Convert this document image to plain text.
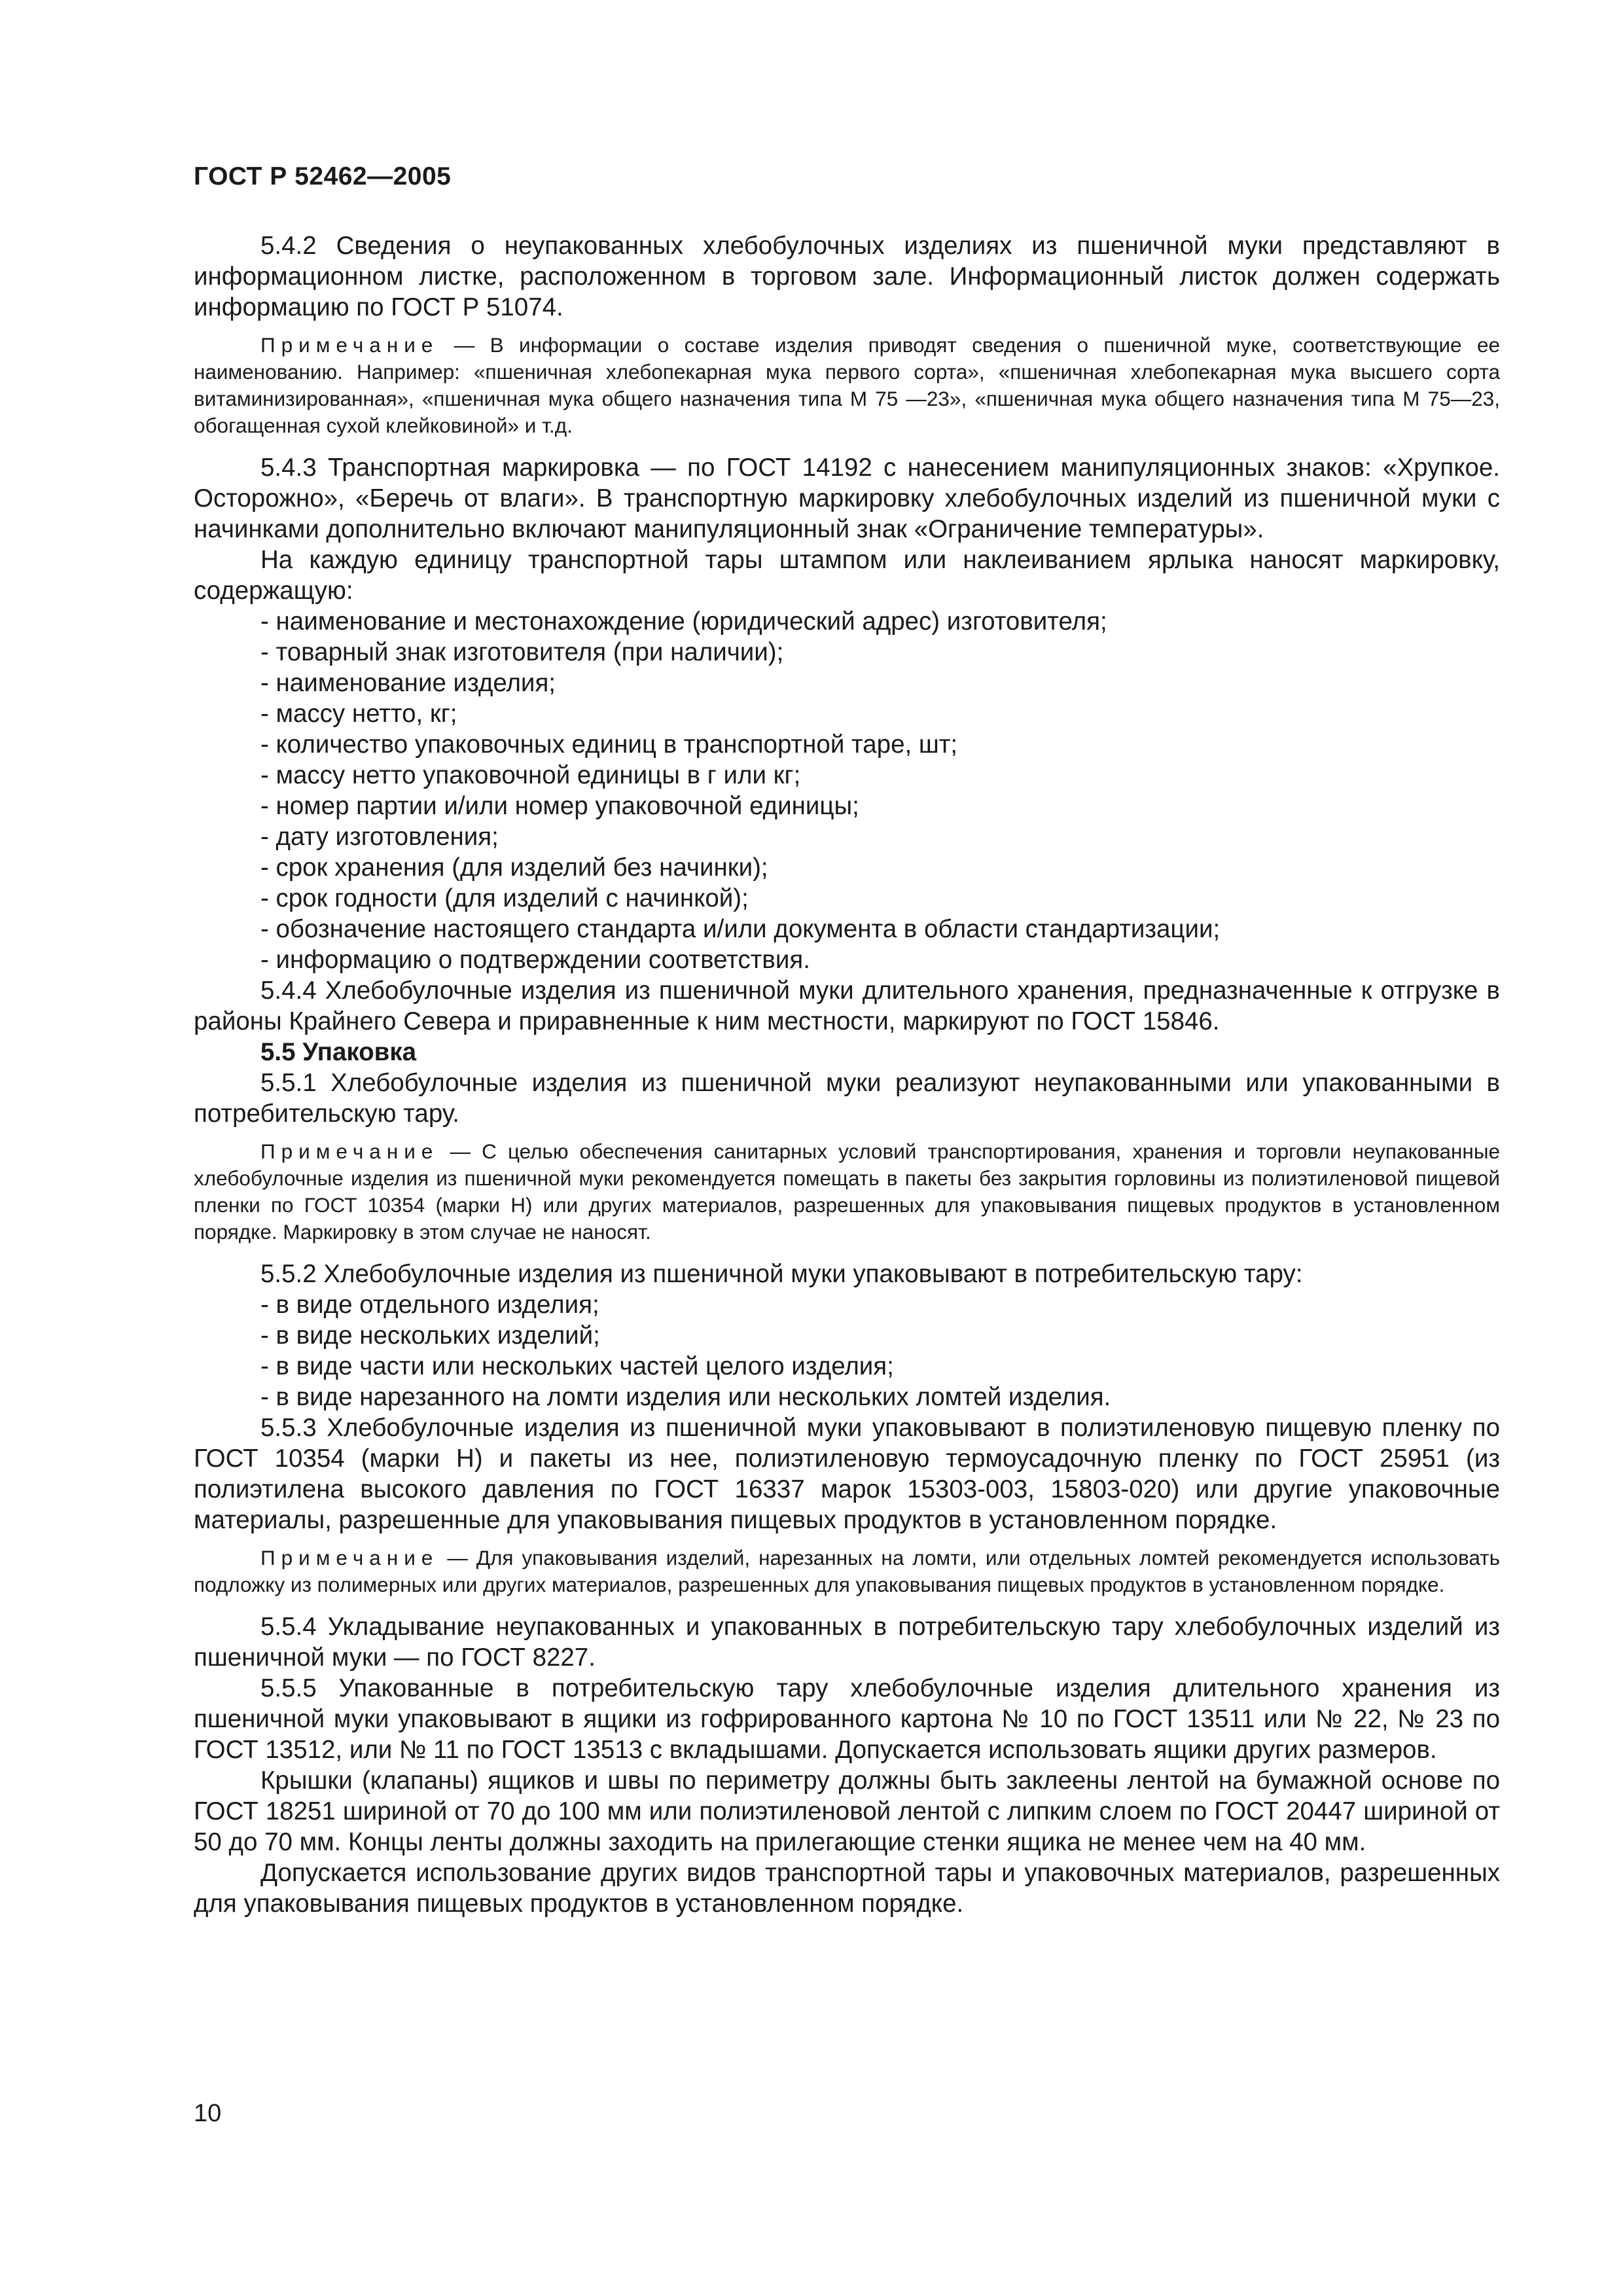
ГОСТ Р 52462—2005

5.4.2 Сведения о неупакованных хлебобулочных изделиях из пшеничной муки представляют в информационном листке, расположенном в торговом зале. Информационный листок должен содержать информацию по ГОСТ Р 51074.

Примечание — В информации о составе изделия приводят сведения о пшеничной муке, соответствующие ее наименованию. Например: «пшеничная хлебопекарная мука первого сорта», «пшеничная хлебопекарная мука высшего сорта витаминизированная», «пшеничная мука общего назначения типа М 75 —23», «пшеничная мука общего назначения типа М 75—23, обогащенная сухой клейковиной» и т.д.

5.4.3 Транспортная маркировка — по ГОСТ 14192 с нанесением манипуляционных знаков: «Хрупкое. Осторожно», «Беречь от влаги». В транспортную маркировку хлебобулочных изделий из пшеничной муки с начинками дополнительно включают манипуляционный знак «Ограничение температуры».

На каждую единицу транспортной тары штампом или наклеиванием ярлыка наносят маркировку, содержащую:

- наименование и местонахождение (юридический адрес) изготовителя;

- товарный знак изготовителя (при наличии);

- наименование изделия;

- массу нетто, кг;

- количество упаковочных единиц в транспортной таре, шт;

- массу нетто упаковочной единицы в г или кг;

- номер партии и/или номер упаковочной единицы;

- дату изготовления;

- срок хранения (для изделий без начинки);

- срок годности (для изделий с начинкой);

- обозначение настоящего стандарта и/или документа в области стандартизации;

- информацию о подтверждении соответствия.

5.4.4 Хлебобулочные изделия из пшеничной муки длительного хранения, предназначенные к отгрузке в районы Крайнего Севера и приравненные к ним местности, маркируют по ГОСТ 15846.

5.5 Упаковка

5.5.1 Хлебобулочные изделия из пшеничной муки реализуют неупакованными или упакованными в потребительскую тару.

Примечание — С целью обеспечения санитарных условий транспортирования, хранения и торговли неупакованные хлебобулочные изделия из пшеничной муки рекомендуется помещать в пакеты без закрытия горловины из полиэтиленовой пищевой пленки по ГОСТ 10354 (марки Н) или других материалов, разрешенных для упаковывания пищевых продуктов в установленном порядке. Маркировку в этом случае не наносят.

5.5.2 Хлебобулочные изделия из пшеничной муки упаковывают в потребительскую тару:

- в виде отдельного изделия;

- в виде нескольких изделий;

- в виде части или нескольких частей целого изделия;

- в виде нарезанного на ломти изделия или нескольких ломтей изделия.

5.5.3 Хлебобулочные изделия из пшеничной муки упаковывают в полиэтиленовую пищевую пленку по ГОСТ 10354 (марки Н) и пакеты из нее, полиэтиленовую термоусадочную пленку по ГОСТ 25951 (из полиэтилена высокого давления по ГОСТ 16337 марок 15303-003, 15803-020) или другие упаковочные материалы, разрешенные для упаковывания пищевых продуктов в установленном порядке.

Примечание — Для упаковывания изделий, нарезанных на ломти, или отдельных ломтей рекомендуется использовать подложку из полимерных или других материалов, разрешенных для упаковывания пищевых продуктов в установленном порядке.

5.5.4 Укладывание неупакованных и упакованных в потребительскую тару хлебобулочных изделий из пшеничной муки — по ГОСТ 8227.

5.5.5 Упакованные в потребительскую тару хлебобулочные изделия длительного хранения из пшеничной муки упаковывают в ящики из гофрированного картона № 10 по ГОСТ 13511 или № 22, № 23 по ГОСТ 13512, или № 11 по ГОСТ 13513 с вкладышами. Допускается использовать ящики других размеров.

Крышки (клапаны) ящиков и швы по периметру должны быть заклеены лентой на бумажной основе по ГОСТ 18251 шириной от 70 до 100 мм или полиэтиленовой лентой с липким слоем по ГОСТ 20447 шириной от 50 до 70 мм. Концы ленты должны заходить на прилегающие стенки ящика не менее чем на 40 мм.

Допускается использование других видов транспортной тары и упаковочных материалов, разрешенных для упаковывания пищевых продуктов в установленном порядке.

10
